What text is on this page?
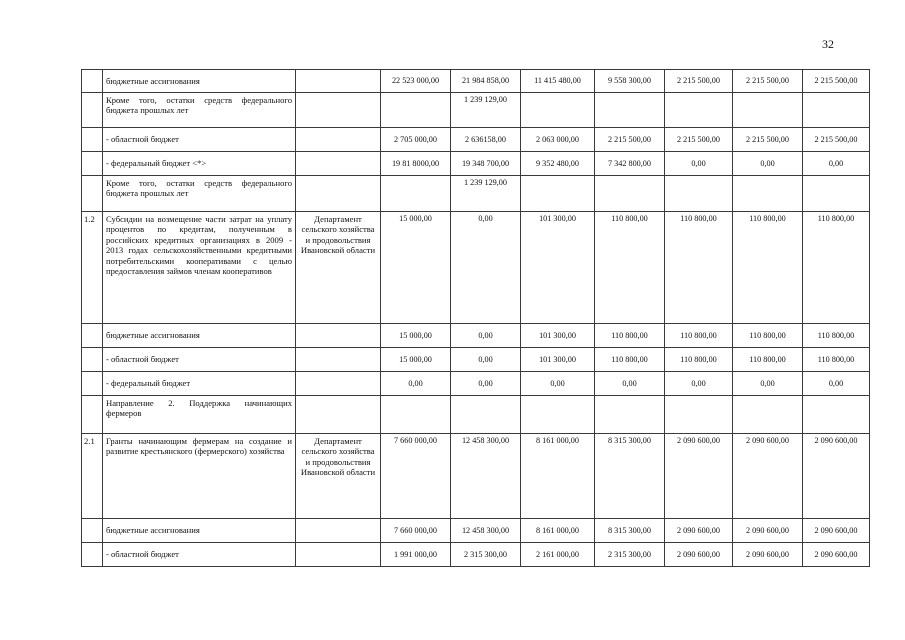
32
	бюджетные ассигнования		22 523 000,00	21 984 858,00	11 415 480,00	9 558 300,00	2 215 500,00	2 215 500,00	2 215 500,00
	Кроме того, остатки средств федерального бюджета прошлых лет			1 239 129,00					
	- областной бюджет		2 705 000,00	2 636158,00	2 063 000,00	2 215 500,00	2 215 500,00	2 215 500,00	2 215 500,00
	- федеральный бюджет <*>		19 81 8000,00	19 348 700,00	9 352 480,00	7 342 800,00	0,00	0,00	0,00
	Кроме того, остатки средств федерального бюджета прошлых лет			1 239 129,00					
1.2	Субсидии на возмещение части затрат на уплату процентов по кредитам, полученным в российских кредитных организациях в 2009 - 2013 годах сельскохозяйственными кредитными потребительскими кооперативами с целью предоставления займов членам кооперативов	Департамент сельского хозяйства и продовольствия Ивановской области	15 000,00	0,00	101 300,00	110 800,00	110 800,00	110 800,00	110 800,00
	бюджетные ассигнования		15 000,00	0,00	101 300,00	110 800,00	110 800,00	110 800,00	110 800,00
	- областной бюджет		15 000,00	0,00	101 300,00	110 800,00	110 800,00	110 800,00	110 800,00
	- федеральный бюджет		0,00	0,00	0,00	0,00	0,00	0,00	0,00
	Направление 2. Поддержка начинающих фермеров								
2.1	Гранты начинающим фермерам на создание и развитие крестьянского (фермерского) хозяйства	Департамент сельского хозяйства и продовольствия Ивановской области	7 660 000,00	12 458 300,00	8 161 000,00	8 315 300,00	2 090 600,00	2 090 600,00	2 090 600,00
	бюджетные ассигнования		7 660 000,00	12 458 300,00	8 161 000,00	8 315 300,00	2 090 600,00	2 090 600,00	2 090 600,00
	- областной бюджет		1 991 000,00	2 315 300,00	2 161 000,00	2 315 300,00	2 090 600,00	2 090 600,00	2 090 600,00
